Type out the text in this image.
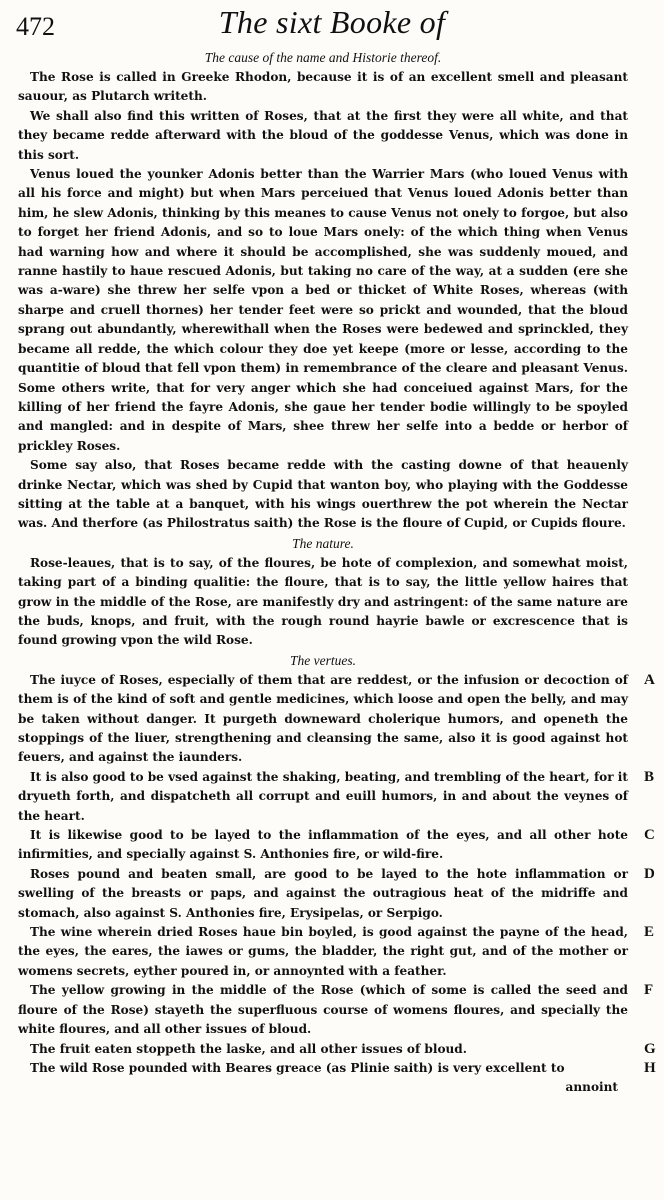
472	The sixt Booke of

The cause of the name and Historie thereof.

The Rose is called in Greeke Rhodon, because it is of an excellent smell and pleasant sauour, as Plutarch writeth.

We shall also find this written of Roses, that at the first they were all white, and that they became redde afterward with the bloud of the goddesse Venus, which was done in this sort.

Venus loued the younker Adonis better than the Warrier Mars (who loued Venus with all his force and might) but when Mars perceiued that Venus loued Adonis better than him, he slew Adonis, thinking by this meanes to cause Venus not onely to forgoe, but also to forget her friend Adonis, and so to loue Mars onely: of the which thing when Venus had warning how and where it should be accomplished, she was suddenly moued, and ranne hastily to haue rescued Adonis, but taking no care of the way, at a sudden (ere she was a-ware) she threw her selfe vpon a bed or thicket of White Roses, whereas (with sharpe and cruell thornes) her tender feet were so prickt and wounded, that the bloud sprang out abundantly, wherewithall when the Roses were bedewed and sprinckled, they became all redde, the which colour they doe yet keepe (more or lesse, according to the quantitie of bloud that fell vpon them) in remembrance of the cleare and pleasant Venus. Some others write, that for very anger which she had conceiued against Mars, for the killing of her friend the fayre Adonis, she gaue her tender bodie willingly to be spoyled and mangled: and in despite of Mars, shee threw her selfe into a bedde or herbor of prickley Roses.

Some say also, that Roses became redde with the casting downe of that heauenly drinke Nectar, which was shed by Cupid that wanton boy, who playing with the Goddesse sitting at the table at a banquet, with his wings ouerthrew the pot wherein the Nectar was. And therfore (as Philostratus saith) the Rose is the floure of Cupid, or Cupids floure.

The nature.

Rose-leaues, that is to say, of the floures, be hote of complexion, and somewhat moist, taking part of a binding qualitie: the floure, that is to say, the little yellow haires that grow in the middle of the Rose, are manifestly dry and astringent: of the same nature are the buds, knops, and fruit, with the rough round hayrie bawle or excrescence that is found growing vpon the wild Rose.

The vertues.

The iuyce of Roses, especially of them that are reddest, or the infusion or decoction of them is of the kind of soft and gentle medicines, which loose and open the belly, and may be taken without danger. It purgeth downeward cholerique humors, and openeth the stoppings of the liuer, strengthening and cleansing the same, also it is good against hot feuers, and against the iaunders.
A

It is also good to be vsed against the shaking, beating, and trembling of the heart, for it dryueth forth, and dispatcheth all corrupt and euill humors, in and about the veynes of the heart.
B

It is likewise good to be layed to the inflammation of the eyes, and all other hote infirmities, and specially against S. Anthonies fire, or wild-fire.
C

Roses pound and beaten small, are good to be layed to the hote inflammation or swelling of the breasts or paps, and against the outragious heat of the midriffe and stomach, also against S. Anthonies fire, Erysipelas, or Serpigo.
D

The wine wherein dried Roses haue bin boyled, is good against the payne of the head, the eyes, the eares, the iawes or gums, the bladder, the right gut, and of the mother or womens secrets, eyther poured in, or annoynted with a feather.
E

The yellow growing in the middle of the Rose (which of some is called the seed and floure of the Rose) stayeth the superfluous course of womens floures, and specially the white floures, and all other issues of bloud.
F

The fruit eaten stoppeth the laske, and all other issues of bloud.	G

The wild Rose pounded with Beares greace (as Plinie saith) is very excellent to	H

annoint
